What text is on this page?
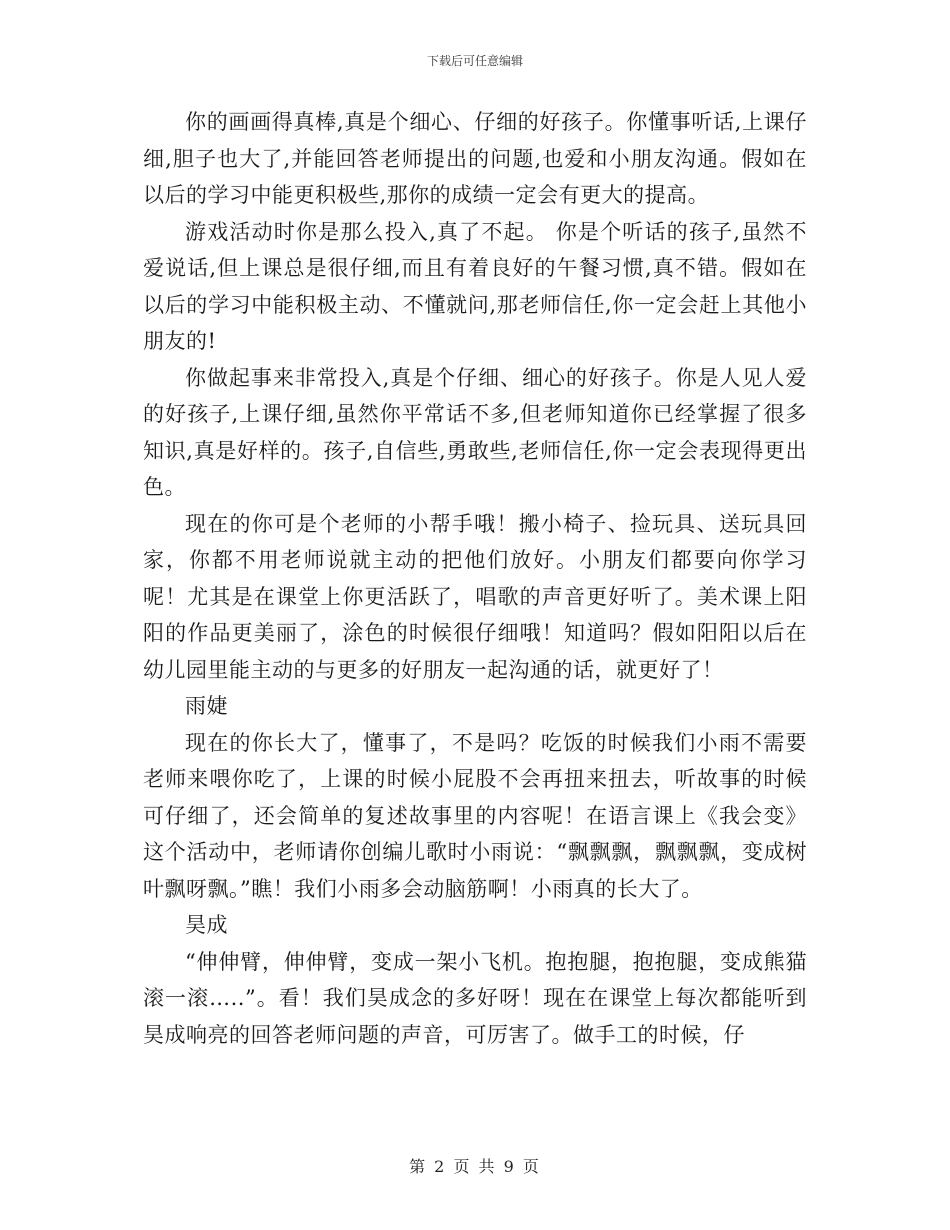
下载后可任意编辑

你的画画得真棒,真是个细心、仔细的好孩子。你懂事听话,上课仔细,胆子也大了,并能回答老师提出的问题,也爱和小朋友沟通。假如在以后的学习中能更积极些,那你的成绩一定会有更大的提高。

游戏活动时你是那么投入,真了不起。 你是个听话的孩子,虽然不爱说话,但上课总是很仔细,而且有着良好的午餐习惯,真不错。假如在以后的学习中能积极主动、不懂就问,那老师信任,你一定会赶上其他小朋友的!

你做起事来非常投入,真是个仔细、细心的好孩子。你是人见人爱的好孩子,上课仔细,虽然你平常话不多,但老师知道你已经掌握了很多知识,真是好样的。孩子,自信些,勇敢些,老师信任,你一定会表现得更出色。

现在的你可是个老师的小帮手哦！搬小椅子、捡玩具、送玩具回家，你都不用老师说就主动的把他们放好。小朋友们都要向你学习呢！尤其是在课堂上你更活跃了，唱歌的声音更好听了。美术课上阳阳的作品更美丽了，涂色的时候很仔细哦！知道吗？假如阳阳以后在幼儿园里能主动的与更多的好朋友一起沟通的话，就更好了！

雨婕

现在的你长大了，懂事了，不是吗？吃饭的时候我们小雨不需要老师来喂你吃了，上课的时候小屁股不会再扭来扭去，听故事的时候可仔细了，还会简单的复述故事里的内容呢！在语言课上《我会变》这个活动中，老师请你创编儿歌时小雨说：“飘飘飘，飘飘飘，变成树叶飘呀飘。”瞧！我们小雨多会动脑筋啊！小雨真的长大了。

昊成

“伸伸臂，伸伸臂，变成一架小飞机。抱抱腿，抱抱腿，变成熊猫滚一滚…..”。看！我们昊成念的多好呀！现在在课堂上每次都能听到昊成响亮的回答老师问题的声音，可厉害了。做手工的时候，仔

第 2 页 共 9 页
